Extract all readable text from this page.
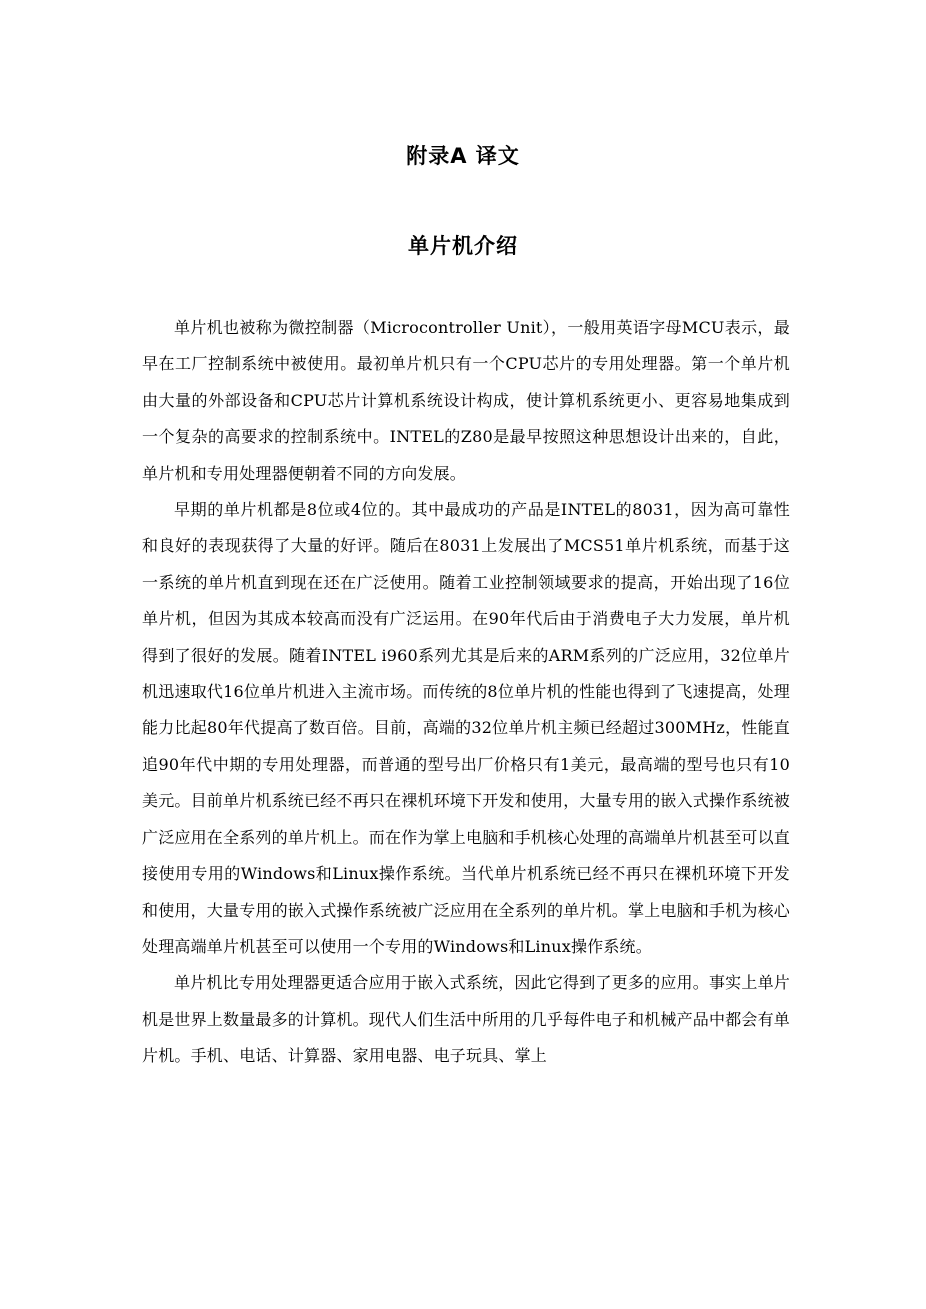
附录A 译文
单片机介绍

单片机也被称为微控制器（Microcontroller Unit），一般用英语字母MCU表示，最早在工厂控制系统中被使用。最初单片机只有一个CPU芯片的专用处理器。第一个单片机由大量的外部设备和CPU芯片计算机系统设计构成，使计算机系统更小、更容易地集成到一个复杂的高要求的控制系统中。INTEL的Z80是最早按照这种思想设计出来的，自此，单片机和专用处理器便朝着不同的方向发展。

早期的单片机都是8位或4位的。其中最成功的产品是INTEL的8031，因为高可靠性和良好的表现获得了大量的好评。随后在8031上发展出了MCS51单片机系统，而基于这一系统的单片机直到现在还在广泛使用。随着工业控制领域要求的提高，开始出现了16位单片机，但因为其成本较高而没有广泛运用。在90年代后由于消费电子大力发展，单片机得到了很好的发展。随着INTEL i960系列尤其是后来的ARM系列的广泛应用，32位单片机迅速取代16位单片机进入主流市场。而传统的8位单片机的性能也得到了飞速提高，处理能力比起80年代提高了数百倍。目前，高端的32位单片机主频已经超过300MHz，性能直追90年代中期的专用处理器，而普通的型号出厂价格只有1美元，最高端的型号也只有10美元。目前单片机系统已经不再只在裸机环境下开发和使用，大量专用的嵌入式操作系统被广泛应用在全系列的单片机上。而在作为掌上电脑和手机核心处理的高端单片机甚至可以直接使用专用的Windows和Linux操作系统。当代单片机系统已经不再只在裸机环境下开发和使用，大量专用的嵌入式操作系统被广泛应用在全系列的单片机。掌上电脑和手机为核心处理高端单片机甚至可以使用一个专用的Windows和Linux操作系统。

单片机比专用处理器更适合应用于嵌入式系统，因此它得到了更多的应用。事实上单片机是世界上数量最多的计算机。现代人们生活中所用的几乎每件电子和机械产品中都会有单片机。手机、电话、计算器、家用电器、电子玩具、掌上
